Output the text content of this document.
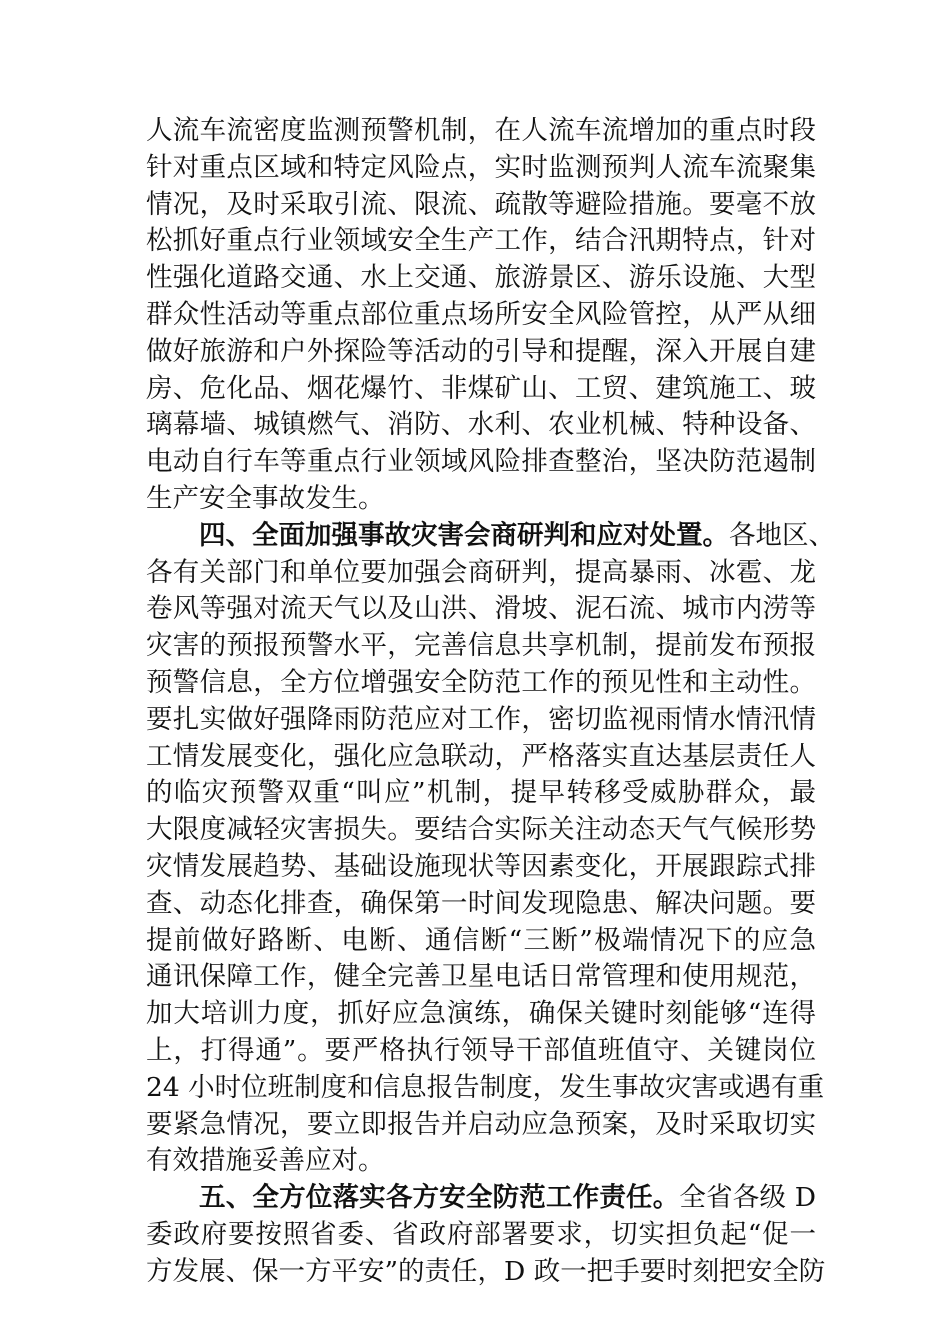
人流车流密度监测预警机制，在人流车流增加的重点时段
针对重点区域和特定风险点，实时监测预判人流车流聚集
情况，及时采取引流、限流、疏散等避险措施。要毫不放
松抓好重点行业领域安全生产工作，结合汛期特点，针对
性强化道路交通、水上交通、旅游景区、游乐设施、大型
群众性活动等重点部位重点场所安全风险管控，从严从细
做好旅游和户外探险等活动的引导和提醒，深入开展自建
房、危化品、烟花爆竹、非煤矿山、工贸、建筑施工、玻
璃幕墙、城镇燃气、消防、水利、农业机械、特种设备、
电动自行车等重点行业领域风险排查整治，坚决防范遏制
生产安全事故发生。
四、全面加强事故灾害会商研判和应对处置。各地区、
各有关部门和单位要加强会商研判，提高暴雨、冰雹、龙
卷风等强对流天气以及山洪、滑坡、泥石流、城市内涝等
灾害的预报预警水平，完善信息共享机制，提前发布预报
预警信息，全方位增强安全防范工作的预见性和主动性。
要扎实做好强降雨防范应对工作，密切监视雨情水情汛情
工情发展变化，强化应急联动，严格落实直达基层责任人
的临灾预警双重“叫应”机制，提早转移受威胁群众，最
大限度减轻灾害损失。要结合实际关注动态天气气候形势
灾情发展趋势、基础设施现状等因素变化，开展跟踪式排
查、动态化排查，确保第一时间发现隐患、解决问题。要
提前做好路断、电断、通信断“三断”极端情况下的应急
通讯保障工作，健全完善卫星电话日常管理和使用规范，
加大培训力度，抓好应急演练，确保关键时刻能够“连得
上，打得通”。要严格执行领导干部值班值守、关键岗位
24 小时位班制度和信息报告制度，发生事故灾害或遇有重
要紧急情况，要立即报告并启动应急预案，及时采取切实
有效措施妥善应对。
五、全方位落实各方安全防范工作责任。全省各级 D
委政府要按照省委、省政府部署要求，切实担负起“促一
方发展、保一方平安”的责任，D 政一把手要时刻把安全防
